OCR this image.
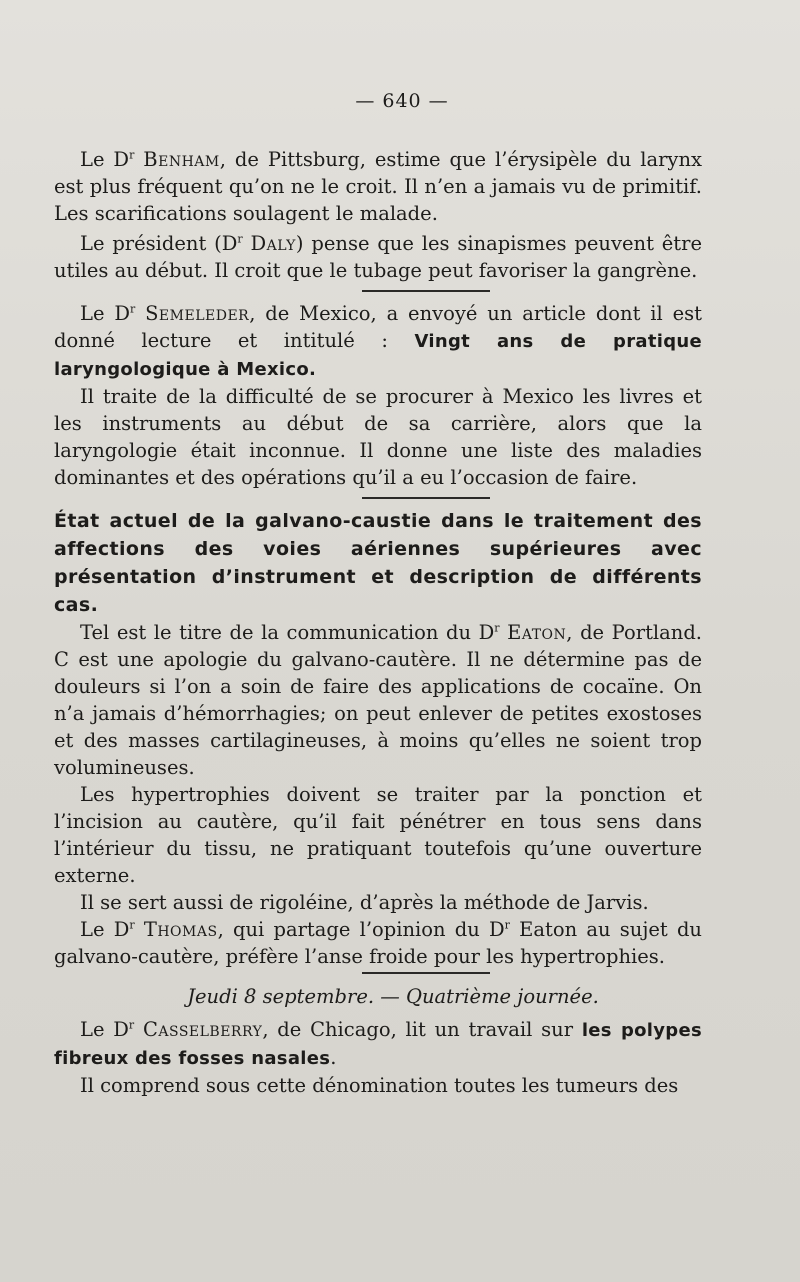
— 640 —

Le $D^r$ Benham, de Pittsburg, estime que l’érysipèle du larynx est plus fréquent qu’on ne le croit. Il n’en a jamais vu de primitif. Les scarifications soulagent le malade.

Le président ($D^r$ Daly) pense que les sinapismes peuvent être utiles au début. Il croit que le tubage peut favoriser la gangrène.

Le $D^r$ Semeleder, de Mexico, a envoyé un article dont il est donné lecture et intitulé : Vingt ans de pratique laryngologique à Mexico.

Il traite de la difficulté de se procurer à Mexico les livres et les instruments au début de sa carrière, alors que la laryngologie était inconnue. Il donne une liste des maladies dominantes et des opérations qu’il a eu l’occasion de faire.

État actuel de la galvano-caustie dans le traitement des affections des voies aériennes supérieures avec présentation d’instrument et description de différents cas.

Tel est le titre de la communication du $D^r$ Eaton, de Portland. C est une apologie du galvano-cautère. Il ne détermine pas de douleurs si l’on a soin de faire des applications de cocaïne. On n’a jamais d’hémorrhagies; on peut enlever de petites exostoses et des masses cartilagineuses, à moins qu’elles ne soient trop volumineuses.

Les hypertrophies doivent se traiter par la ponction et l’incision au cautère, qu’il fait pénétrer en tous sens dans l’intérieur du tissu, ne pratiquant toutefois qu’une ouverture externe.

Il se sert aussi de rigoléine, d’après la méthode de Jarvis.

Le $D^r$ Thomas, qui partage l’opinion du $D^r$ Eaton au sujet du galvano-cautère, préfère l’anse froide pour les hypertrophies.

Jeudi 8 septembre. — Quatrième journée.

Le $D^r$ Casselberry, de Chicago, lit un travail sur les polypes fibreux des fosses nasales.

Il comprend sous cette dénomination toutes les tumeurs des
